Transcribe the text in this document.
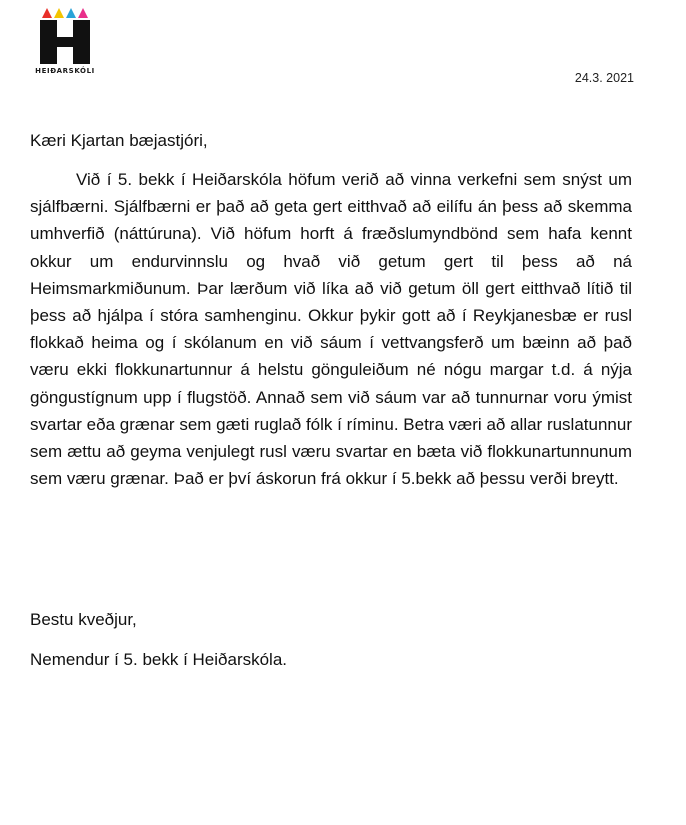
HEIÐARSKÓLI	24.3. 2021
Kæri Kjartan bæjastjóri,

Við í 5. bekk í Heiðarskóla höfum verið að vinna verkefni sem snýst um sjálfbærni. Sjálfbærni er það að geta gert eitthvað að eilífu án þess að skemma umhverfið (náttúruna). Við höfum horft á fræðslumyndbönd sem hafa kennt okkur um endurvinnslu og hvað við getum gert til þess að ná Heimsmarkmiðunum. Þar lærðum við líka að við getum öll gert eitthvað lítið til þess að hjálpa í stóra samhenginu. Okkur þykir gott að í Reykjanesbæ er rusl flokkað heima og í skólanum en við sáum í vettvangsferð um bæinn að það væru ekki flokkunartunnur á helstu gönguleiðum né nógu margar t.d. á nýja göngustígnum upp í flugstöð. Annað sem við sáum var að tunnurnar voru ýmist svartar eða grænar sem gæti ruglað fólk í ríminu. Betra væri að allar ruslatunnur sem ættu að geyma venjulegt rusl væru svartar en bæta við flokkunartunnunum sem væru grænar. Það er því áskorun frá okkur í 5.bekk að þessu verði breytt.

Bestu kveðjur,
Nemendur í 5. bekk í Heiðarskóla.
